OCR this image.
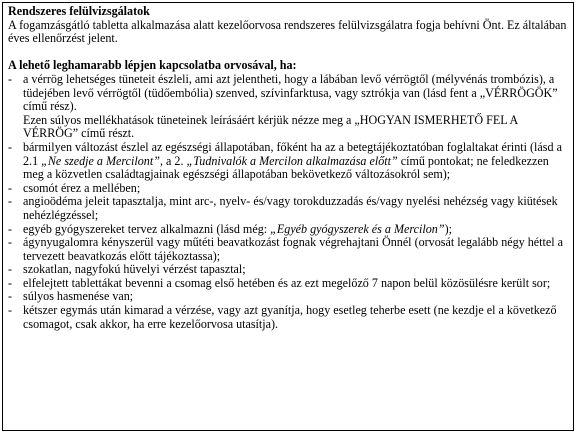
Rendszeres felülvizsgálatok

A fogamzásgátló tabletta alkalmazása alatt kezelőorvosa rendszeres felülvizsgálatra fogja behívni Önt. Ez általában éves ellenőrzést jelent.

A lehető leghamarabb lépjen kapcsolatba orvosával, ha:

- a vérrög lehetséges tüneteit észleli, ami azt jelentheti, hogy a lábában levő vérrögtől (mélyvénás trombózis), a tüdejében levő vérrögtől (tüdőembólia) szenved, szívinfarktusa, vagy sztrókja van (lásd fent a „VÉRRÖGÖK” című rész).
Ezen súlyos mellékhatások tüneteinek leírásáért kérjük nézze meg a „HOGYAN ISMERHETŐ FEL A VÉRRÖG” című részt.
- bármilyen változást észlel az egészségi állapotában, főként ha az a betegtájékoztatóban foglaltakat érinti (lásd a 2.1 „Ne szedje a Mercilont”, a 2. „Tudnivalók a Mercilon alkalmazása előtt” című pontokat; ne feledkezzen meg a közvetlen családtagjainak egészségi állapotában bekövetkező változásokról sem);
- csomót érez a mellében;
- angioödéma jeleit tapasztalja, mint arc-, nyelv- és/vagy torokduzzadás és/vagy nyelési nehézség vagy kiütések nehézlégzéssel;
- egyéb gyógyszereket tervez alkalmazni (lásd még: „Egyéb gyógyszerek és a Mercilon”);
- ágynyugalomra kényszerül vagy műtéti beavatkozást fognak végrehajtani Önnél (orvosát legalább négy héttel a tervezett beavatkozás előtt tájékoztassa);
- szokatlan, nagyfokú hüvelyi vérzést tapasztal;
- elfelejtett tablettákat bevenni a csomag első hetében és az ezt megelőző 7 napon belül közösülésre került sor;
- súlyos hasmenése van;
- kétszer egymás után kimarad a vérzése, vagy azt gyanítja, hogy esetleg teherbe esett (ne kezdje el a következő csomagot, csak akkor, ha erre kezelőorvosa utasítja).
